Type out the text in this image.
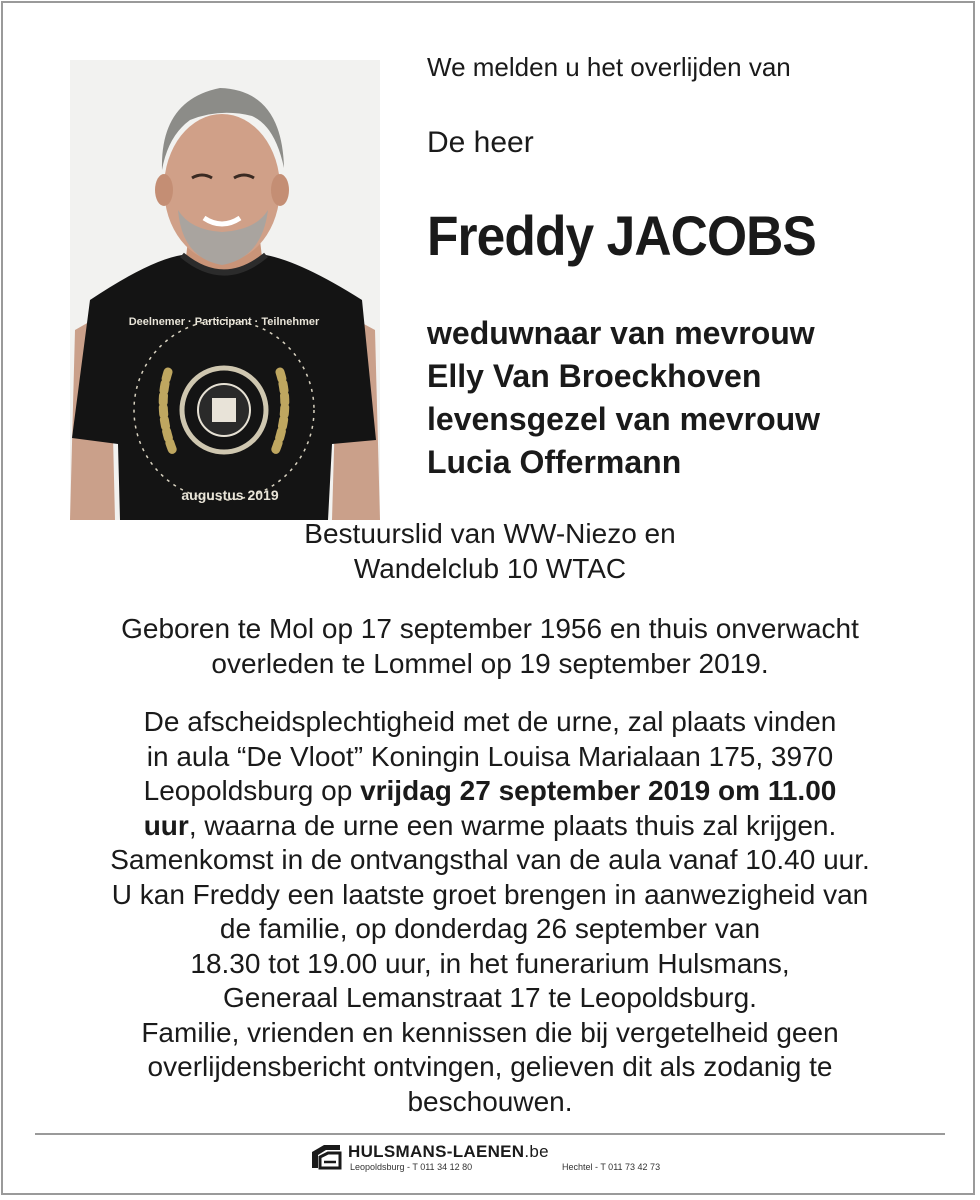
Deelnemer · Participant · Teilnehmer
augustus 2019
We melden u het overlijden van
De heer
Freddy JACOBS
weduwnaar van mevrouw
Elly Van Broeckhoven
levensgezel van mevrouw
Lucia Offermann
Bestuurslid van WW-Niezo en
Wandelclub 10 WTAC
Geboren te Mol op 17 september 1956 en thuis onverwacht
overleden te Lommel op 19 september 2019.
De afscheidsplechtigheid met de urne, zal plaats vinden
in aula “De Vloot” Koningin Louisa Marialaan 175, 3970
Leopoldsburg op vrijdag 27 september 2019 om 11.00
uur, waarna de urne een warme plaats thuis zal krijgen.
Samenkomst in de ontvangsthal van de aula vanaf 10.40 uur.
U kan Freddy een laatste groet brengen in aanwezigheid van
de familie, op donderdag 26 september van
18.30 tot 19.00 uur, in het funerarium Hulsmans,
Generaal Lemanstraat 17 te Leopoldsburg.
Familie, vrienden en kennissen die bij vergetelheid geen
overlijdensbericht ontvingen, gelieven dit als zodanig te
beschouwen.
HULSMANS-LAENEN.be
Leopoldsburg - T 011 34 12 80	Hechtel - T 011 73 42 73
